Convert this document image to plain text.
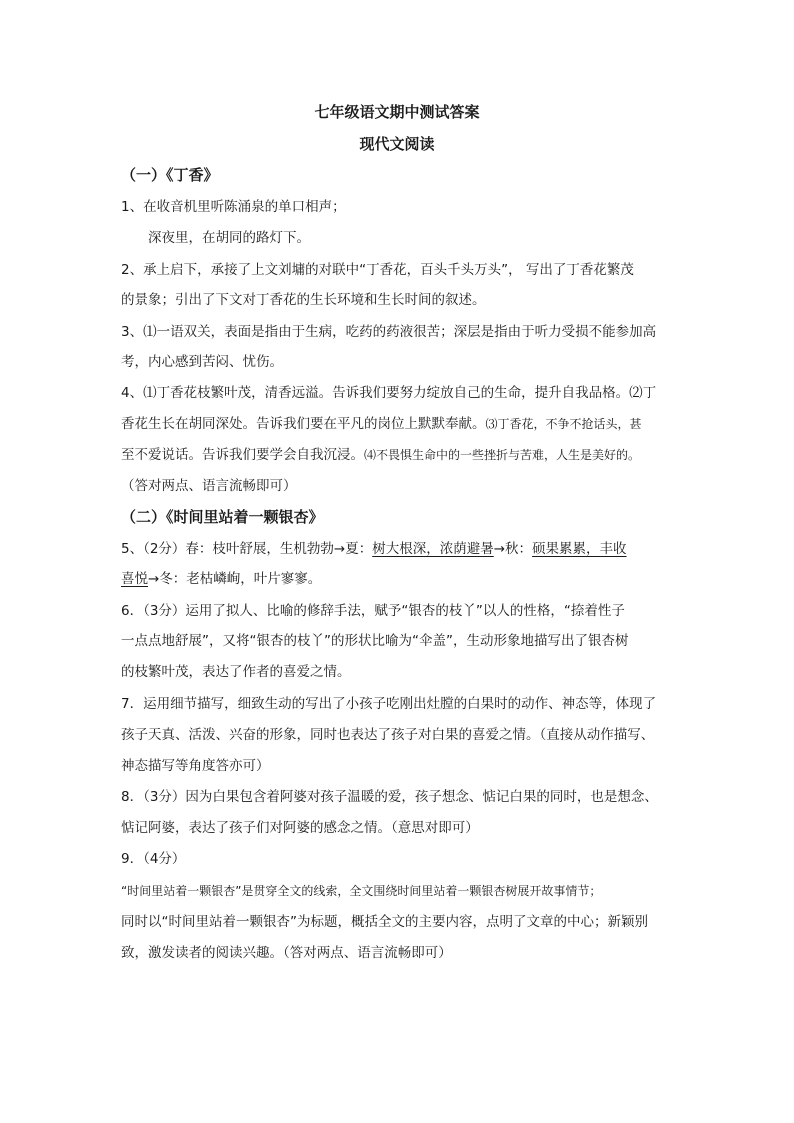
七年级语文期中测试答案
现代文阅读
（一）《丁香》
1、在收音机里听陈涌泉的单口相声；
深夜里，在胡同的路灯下。
2、承上启下，承接了上文刘墉的对联中“丁香花，百头千头万头”， 写出了丁香花繁茂
的景象；引出了下文对丁香花的生长环境和生长时间的叙述。
3、⑴一语双关，表面是指由于生病，吃药的药液很苦；深层是指由于听力受损不能参加高
考，内心感到苦闷、忧伤。
4、⑴丁香花枝繁叶茂，清香远溢。告诉我们要努力绽放自己的生命，提升自我品格。⑵丁
香花生长在胡同深处。告诉我们要在平凡的岗位上默默奉献。⑶丁香花，不争不抢话头，甚
至不爱说话。告诉我们要学会自我沉浸。⑷不畏惧生命中的一些挫折与苦难，人生是美好的。
（答对两点、语言流畅即可）
（二）《时间里站着一颗银杏》
5、（2分）春：枝叶舒展，生机勃勃→夏：树大根深，浓荫避暑→秋：硕果累累，丰收
喜悦→冬：老枯嶙峋，叶片寥寥。
6．（3分）运用了拟人、比喻的修辞手法，赋予“银杏的枝丫”以人的性格，“捺着性子
一点点地舒展”，又将“银杏的枝丫”的形状比喻为“伞盖”，生动形象地描写出了银杏树
的枝繁叶茂，表达了作者的喜爱之情。
7．运用细节描写，细致生动的写出了小孩子吃刚出灶膛的白果时的动作、神态等，体现了
孩子天真、活泼、兴奋的形象，同时也表达了孩子对白果的喜爱之情。（直接从动作描写、
神态描写等角度答亦可）
8．（3分）因为白果包含着阿婆对孩子温暖的爱，孩子想念、惦记白果的同时，也是想念、
惦记阿婆，表达了孩子们对阿婆的感念之情。（意思对即可）
9．（4分）
“时间里站着一颗银杏”是贯穿全文的线索，全文围绕时间里站着一颗银杏树展开故事情节；
同时以“时间里站着一颗银杏”为标题，概括全文的主要内容，点明了文章的中心；新颖别
致，激发读者的阅读兴趣。（答对两点、语言流畅即可）
